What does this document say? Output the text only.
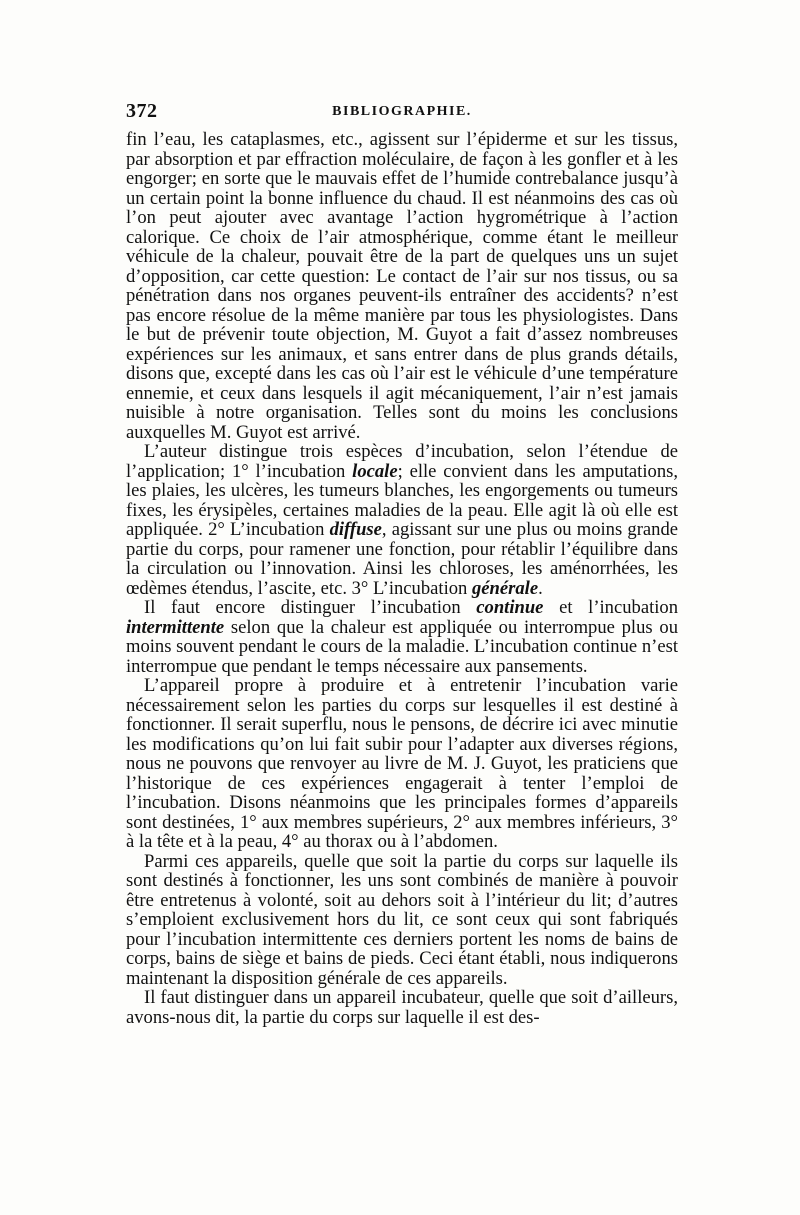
372	BIBLIOGRAPHIE.

fin l’eau, les cataplasmes, etc., agissent sur l’épiderme et sur les tissus, par absorption et par effraction moléculaire, de façon à les gonfler et à les engorger; en sorte que le mauvais effet de l’humide contrebalance jusqu’à un certain point la bonne influence du chaud. Il est néanmoins des cas où l’on peut ajouter avec avantage l’action hygrométrique à l’action calorique. Ce choix de l’air atmosphérique, comme étant le meilleur véhicule de la chaleur, pouvait être de la part de quelques uns un sujet d’opposition, car cette question: Le contact de l’air sur nos tissus, ou sa pénétration dans nos organes peuvent-ils entraîner des accidents? n’est pas encore résolue de la même manière par tous les physiologistes. Dans le but de prévenir toute objection, M. Guyot a fait d’assez nombreuses expériences sur les animaux, et sans entrer dans de plus grands détails, disons que, excepté dans les cas où l’air est le véhicule d’une température ennemie, et ceux dans lesquels il agit mécaniquement, l’air n’est jamais nuisible à notre organisation. Telles sont du moins les conclusions auxquelles M. Guyot est arrivé.

L’auteur distingue trois espèces d’incubation, selon l’étendue de l’application; 1° l’incubation locale; elle convient dans les amputations, les plaies, les ulcères, les tumeurs blanches, les engorgements ou tumeurs fixes, les érysipèles, certaines maladies de la peau. Elle agit là où elle est appliquée. 2° L’incubation diffuse, agissant sur une plus ou moins grande partie du corps, pour ramener une fonction, pour rétablir l’équilibre dans la circulation ou l’innovation. Ainsi les chloroses, les aménorrhées, les œdèmes étendus, l’ascite, etc. 3° L’incubation générale.

Il faut encore distinguer l’incubation continue et l’incubation intermittente selon que la chaleur est appliquée ou interrompue plus ou moins souvent pendant le cours de la maladie. L’incubation continue n’est interrompue que pendant le temps nécessaire aux pansements.

L’appareil propre à produire et à entretenir l’incubation varie nécessairement selon les parties du corps sur lesquelles il est destiné à fonctionner. Il serait superflu, nous le pensons, de décrire ici avec minutie les modifications qu’on lui fait subir pour l’adapter aux diverses régions, nous ne pouvons que renvoyer au livre de M. J. Guyot, les praticiens que l’historique de ces expériences engagerait à tenter l’emploi de l’incubation. Disons néanmoins que les principales formes d’appareils sont destinées, 1° aux membres supérieurs, 2° aux membres inférieurs, 3° à la tête et à la peau, 4° au thorax ou à l’abdomen.

Parmi ces appareils, quelle que soit la partie du corps sur laquelle ils sont destinés à fonctionner, les uns sont combinés de manière à pouvoir être entretenus à volonté, soit au dehors soit à l’intérieur du lit; d’autres s’emploient exclusivement hors du lit, ce sont ceux qui sont fabriqués pour l’incubation intermittente ces derniers portent les noms de bains de corps, bains de siège et bains de pieds. Ceci étant établi, nous indiquerons maintenant la disposition générale de ces appareils.

Il faut distinguer dans un appareil incubateur, quelle que soit d’ailleurs, avons-nous dit, la partie du corps sur laquelle il est des-
